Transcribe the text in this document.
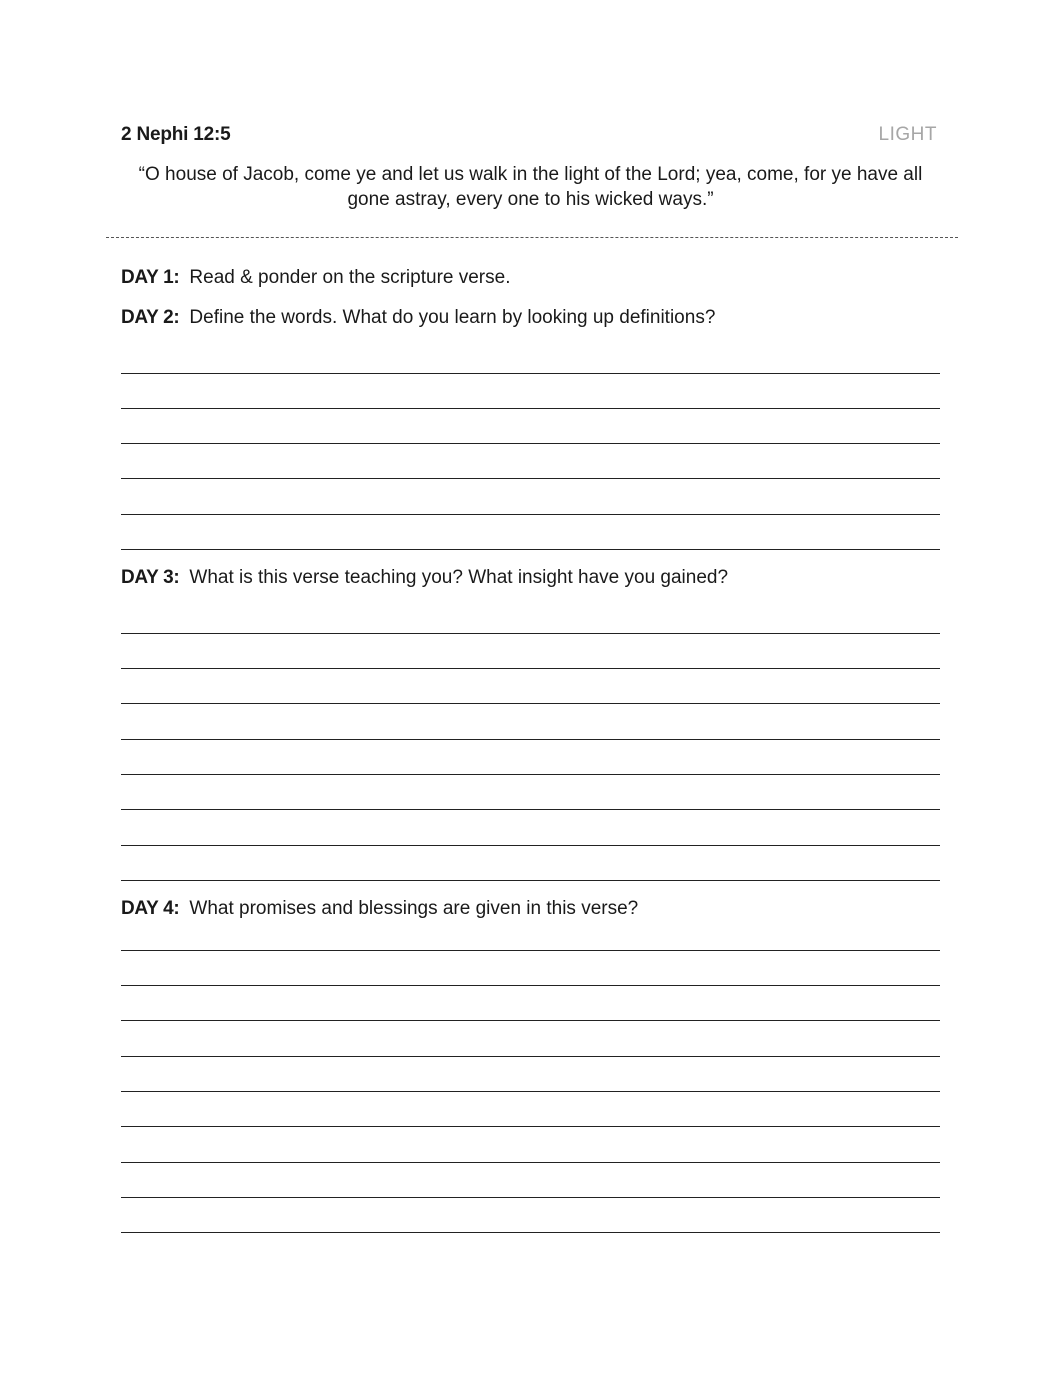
2 Nephi 12:5	LIGHT
“O house of Jacob, come ye and let us walk in the light of the Lord; yea, come, for ye have all gone astray, every one to his wicked ways.”
DAY 1: Read & ponder on the scripture verse.
DAY 2: Define the words. What do you learn by looking up definitions?
DAY 3: What is this verse teaching you? What insight have you gained?
DAY 4: What promises and blessings are given in this verse?
